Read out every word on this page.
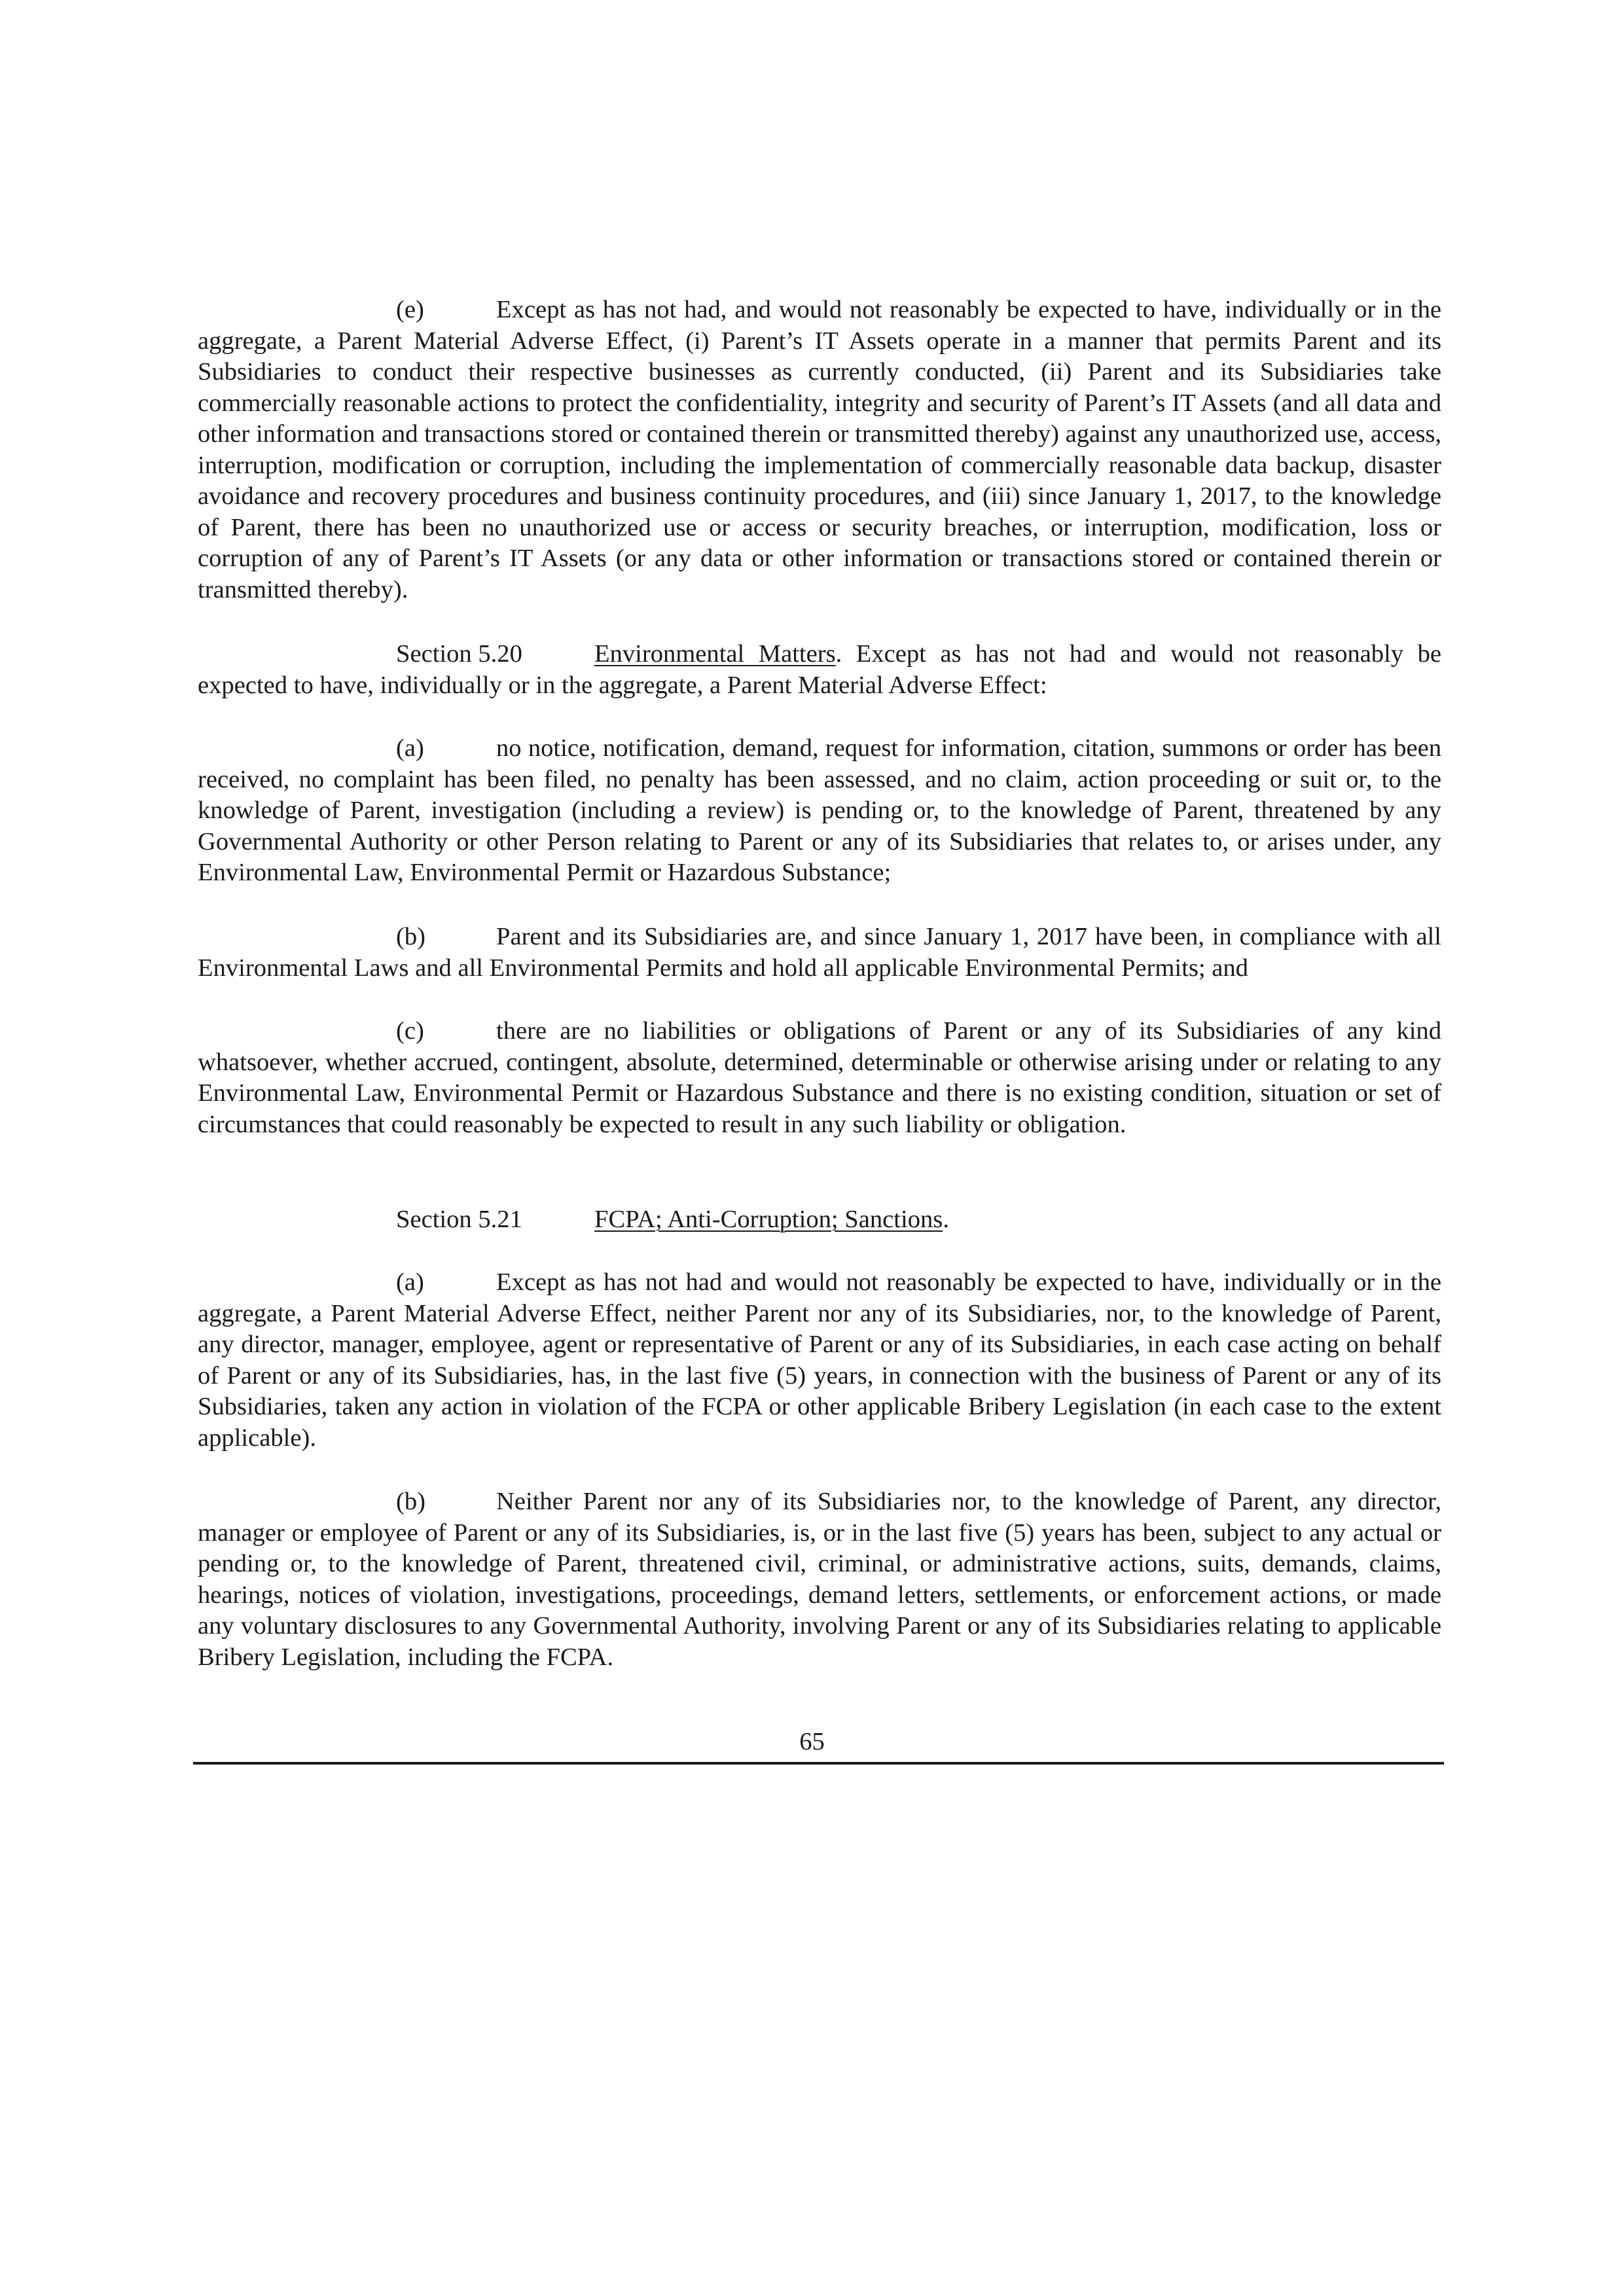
(e)	Except as has not had, and would not reasonably be expected to have, individually or in the aggregate, a Parent Material Adverse Effect, (i) Parent’s IT Assets operate in a manner that permits Parent and its Subsidiaries to conduct their respective businesses as currently conducted, (ii) Parent and its Subsidiaries take commercially reasonable actions to protect the confidentiality, integrity and security of Parent’s IT Assets (and all data and other information and transactions stored or contained therein or transmitted thereby) against any unauthorized use, access, interruption, modification or corruption, including the implementation of commercially reasonable data backup, disaster avoidance and recovery procedures and business continuity procedures, and (iii) since January 1, 2017, to the knowledge of Parent, there has been no unauthorized use or access or security breaches, or interruption, modification, loss or corruption of any of Parent’s IT Assets (or any data or other information or transactions stored or contained therein or transmitted thereby).

Section 5.20	Environmental Matters. Except as has not had and would not reasonably be expected to have, individually or in the aggregate, a Parent Material Adverse Effect:

(a)	no notice, notification, demand, request for information, citation, summons or order has been received, no complaint has been filed, no penalty has been assessed, and no claim, action proceeding or suit or, to the knowledge of Parent, investigation (including a review) is pending or, to the knowledge of Parent, threatened by any Governmental Authority or other Person relating to Parent or any of its Subsidiaries that relates to, or arises under, any Environmental Law, Environmental Permit or Hazardous Substance;

(b)	Parent and its Subsidiaries are, and since January 1, 2017 have been, in compliance with all Environmental Laws and all Environmental Permits and hold all applicable Environmental Permits; and

(c)	there are no liabilities or obligations of Parent or any of its Subsidiaries of any kind whatsoever, whether accrued, contingent, absolute, determined, determinable or otherwise arising under or relating to any Environmental Law, Environmental Permit or Hazardous Substance and there is no existing condition, situation or set of circumstances that could reasonably be expected to result in any such liability or obligation.

Section 5.21	FCPA; Anti-Corruption; Sanctions.

(a)	Except as has not had and would not reasonably be expected to have, individually or in the aggregate, a Parent Material Adverse Effect, neither Parent nor any of its Subsidiaries, nor, to the knowledge of Parent, any director, manager, employee, agent or representative of Parent or any of its Subsidiaries, in each case acting on behalf of Parent or any of its Subsidiaries, has, in the last five (5) years, in connection with the business of Parent or any of its Subsidiaries, taken any action in violation of the FCPA or other applicable Bribery Legislation (in each case to the extent applicable).

(b)	Neither Parent nor any of its Subsidiaries nor, to the knowledge of Parent, any director, manager or employee of Parent or any of its Subsidiaries, is, or in the last five (5) years has been, subject to any actual or pending or, to the knowledge of Parent, threatened civil, criminal, or administrative actions, suits, demands, claims, hearings, notices of violation, investigations, proceedings, demand letters, settlements, or enforcement actions, or made any voluntary disclosures to any Governmental Authority, involving Parent or any of its Subsidiaries relating to applicable Bribery Legislation, including the FCPA.

65
